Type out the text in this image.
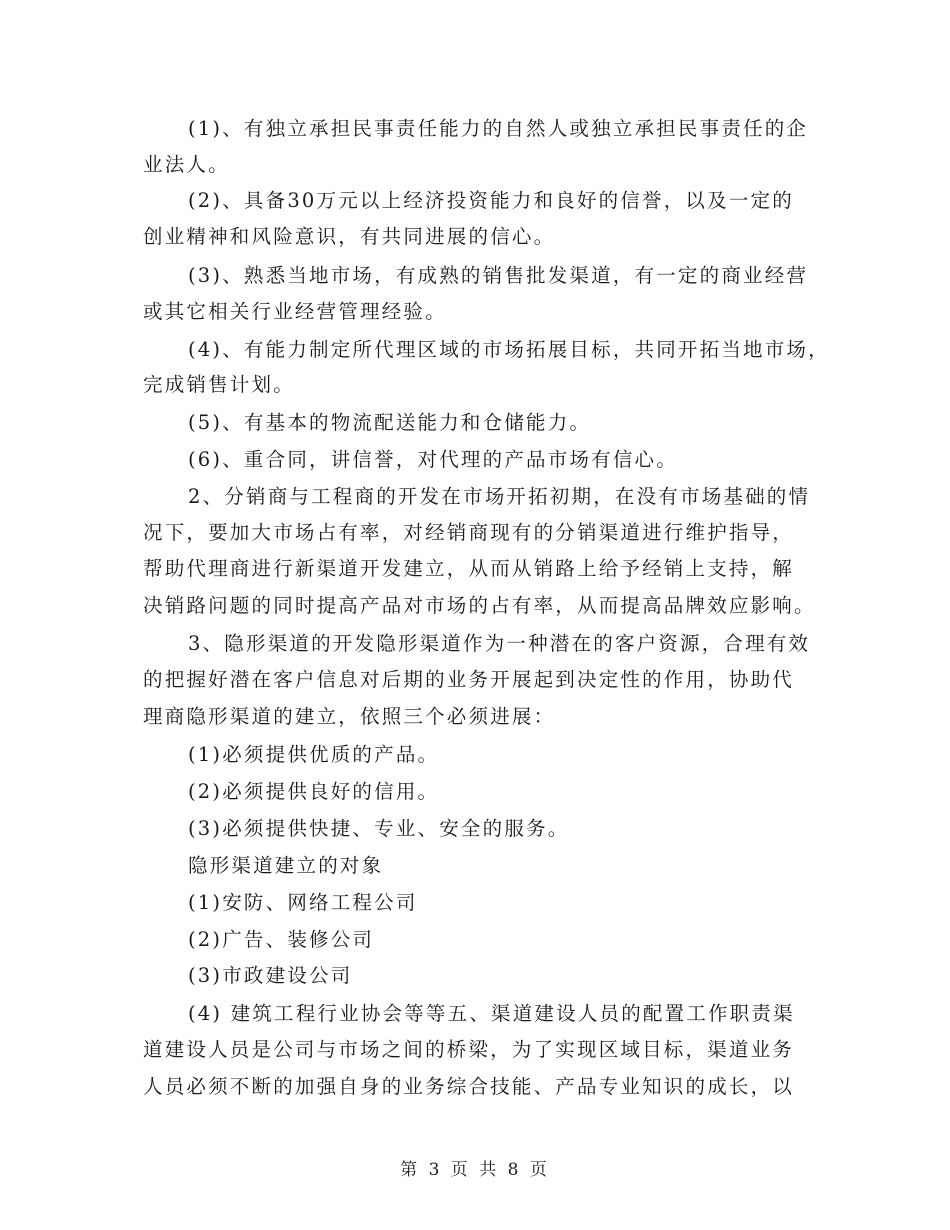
(1)、有独立承担民事责任能力的自然人或独立承担民事责任的企
业法人。
(2)、具备30万元以上经济投资能力和良好的信誉，以及一定的
创业精神和风险意识，有共同进展的信心。
(3)、熟悉当地市场，有成熟的销售批发渠道，有一定的商业经营
或其它相关行业经营管理经验。
(4)、有能力制定所代理区域的市场拓展目标，共同开拓当地市场，
完成销售计划。
(5)、有基本的物流配送能力和仓储能力。
(6)、重合同，讲信誉，对代理的产品市场有信心。
2、分销商与工程商的开发在市场开拓初期，在没有市场基础的情
况下，要加大市场占有率，对经销商现有的分销渠道进行维护指导，
帮助代理商进行新渠道开发建立，从而从销路上给予经销上支持，解
决销路问题的同时提高产品对市场的占有率，从而提高品牌效应影响。
3、隐形渠道的开发隐形渠道作为一种潜在的客户资源，合理有效
的把握好潜在客户信息对后期的业务开展起到决定性的作用，协助代
理商隐形渠道的建立，依照三个必须进展：
(1)必须提供优质的产品。
(2)必须提供良好的信用。
(3)必须提供快捷、专业、安全的服务。
隐形渠道建立的对象
(1)安防、网络工程公司
(2)广告、装修公司
(3)市政建设公司
(4) 建筑工程行业协会等等五、渠道建设人员的配置工作职责渠
道建设人员是公司与市场之间的桥梁，为了实现区域目标，渠道业务
人员必须不断的加强自身的业务综合技能、产品专业知识的成长，以
第 3 页 共 8 页
